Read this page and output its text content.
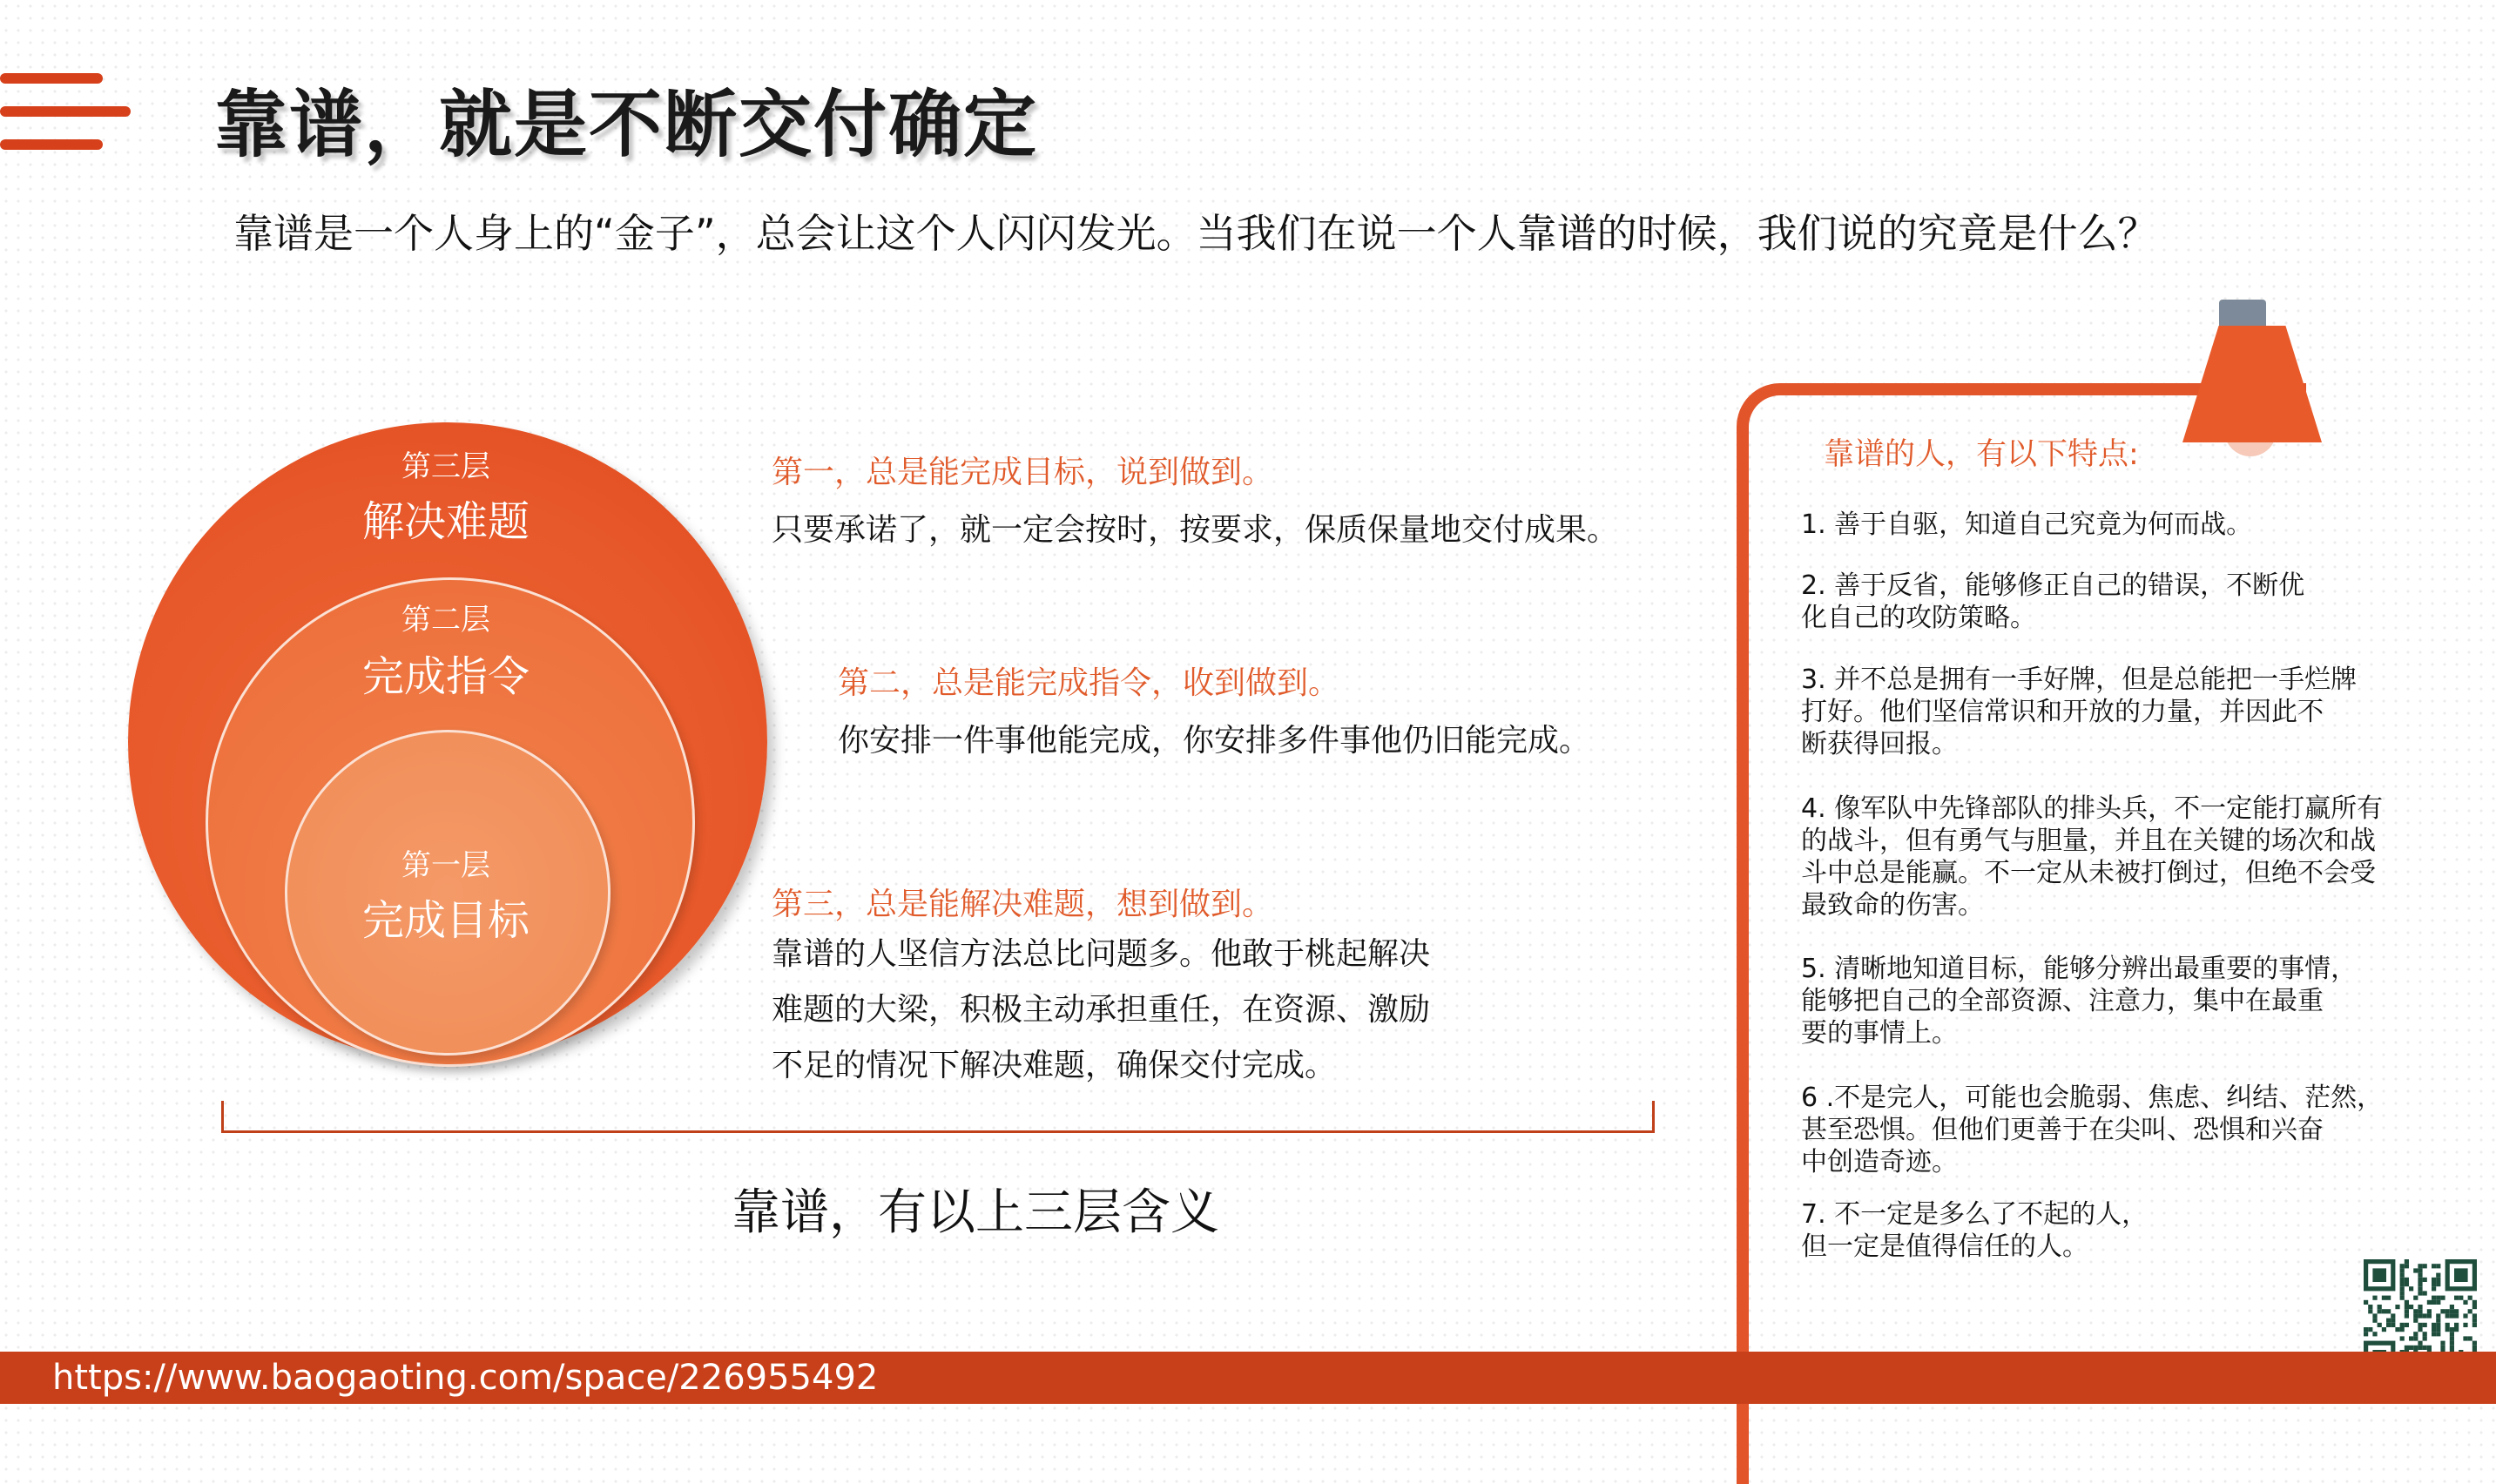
靠谱，就是不断交付确定
靠谱是一个人身上的“金子”，总会让这个人闪闪发光。当我们在说一个人靠谱的时候，我们说的究竟是什么？
第三层
解决难题
第二层
完成指令
第一层
完成目标
第一，总是能完成目标，说到做到。
只要承诺了，就一定会按时，按要求，保质保量地交付成果。
第二，总是能完成指令，收到做到。
你安排一件事他能完成，你安排多件事他仍旧能完成。
第三，总是能解决难题，想到做到。
靠谱的人坚信方法总比问题多。他敢于桃起解决
难题的大梁，积极主动承担重任，在资源、激励
不足的情况下解决难题，确保交付完成。
靠谱，有以上三层含义
靠谱的人，有以下特点:
1. 善于自驱，知道自己究竟为何而战。
2. 善于反省，能够修正自己的错误，不断优
化自己的攻防策略。
3. 并不总是拥有一手好牌，但是总能把一手烂牌
打好。他们坚信常识和开放的力量，并因此不
断获得回报。
4. 像军队中先锋部队的排头兵，不一定能打赢所有
的战斗，但有勇气与胆量，并且在关键的场次和战
斗中总是能赢。不一定从未被打倒过，但绝不会受
最致命的伤害。
5. 清晰地知道目标，能够分辨出最重要的事情，
能够把自己的全部资源、注意力，集中在最重
要的事情上。
6 .不是完人，可能也会脆弱、焦虑、纠结、茫然，
甚至恐惧。但他们更善于在尖叫、恐惧和兴奋
中创造奇迹。
7. 不一定是多么了不起的人，
但一定是值得信任的人。
https://www.baogaoting.com/space/226955492
